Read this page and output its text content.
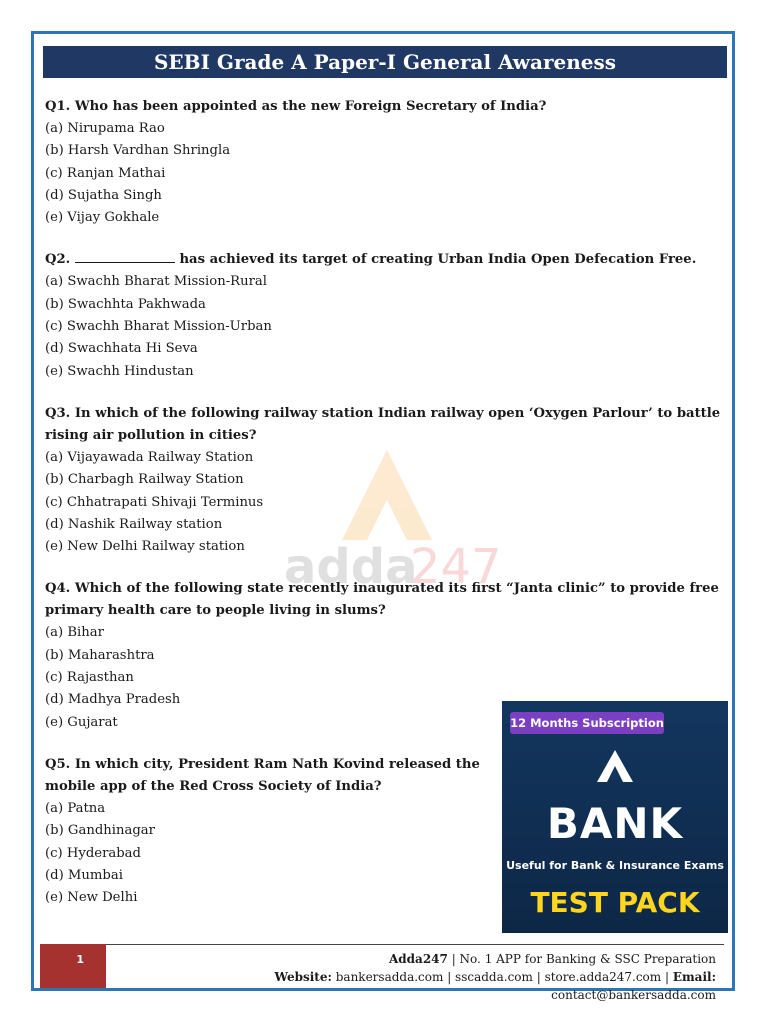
SEBI Grade A Paper-I General Awareness
adda
247

Q1. Who has been appointed as the new Foreign Secretary of India?

(a) Nirupama Rao

(b) Harsh Vardhan Shringla

(c) Ranjan Mathai

(d) Sujatha Singh

(e) Vijay Gokhale

Q2.	has achieved its target of creating Urban India Open Defecation Free.

(a) Swachh Bharat Mission-Rural

(b) Swachhta Pakhwada

(c) Swachh Bharat Mission-Urban

(d) Swachhata Hi Seva

(e) Swachh Hindustan

Q3. In which of the following railway station Indian railway open ‘Oxygen Parlour’ to battle rising air pollution in cities?

(a) Vijayawada Railway Station

(b) Charbagh Railway Station

(c) Chhatrapati Shivaji Terminus

(d) Nashik Railway station

(e) New Delhi Railway station

Q4. Which of the following state recently inaugurated its first “Janta clinic” to provide free primary health care to people living in slums?

(a) Bihar

(b) Maharashtra

(c) Rajasthan

(d) Madhya Pradesh

(e) Gujarat

Q5. In which city, President Ram Nath Kovind released the mobile app of the Red Cross Society of India?

(a) Patna

(b) Gandhinagar

(c) Hyderabad

(d) Mumbai

(e) New Delhi

12 Months Subscription
BANK
Useful for Bank & Insurance Exams
TEST PACK
1	Adda247 | No. 1 APP for Banking & SSC Preparation
Website: bankersadda.com | sscadda.com | store.adda247.com | Email: contact@bankersadda.com
